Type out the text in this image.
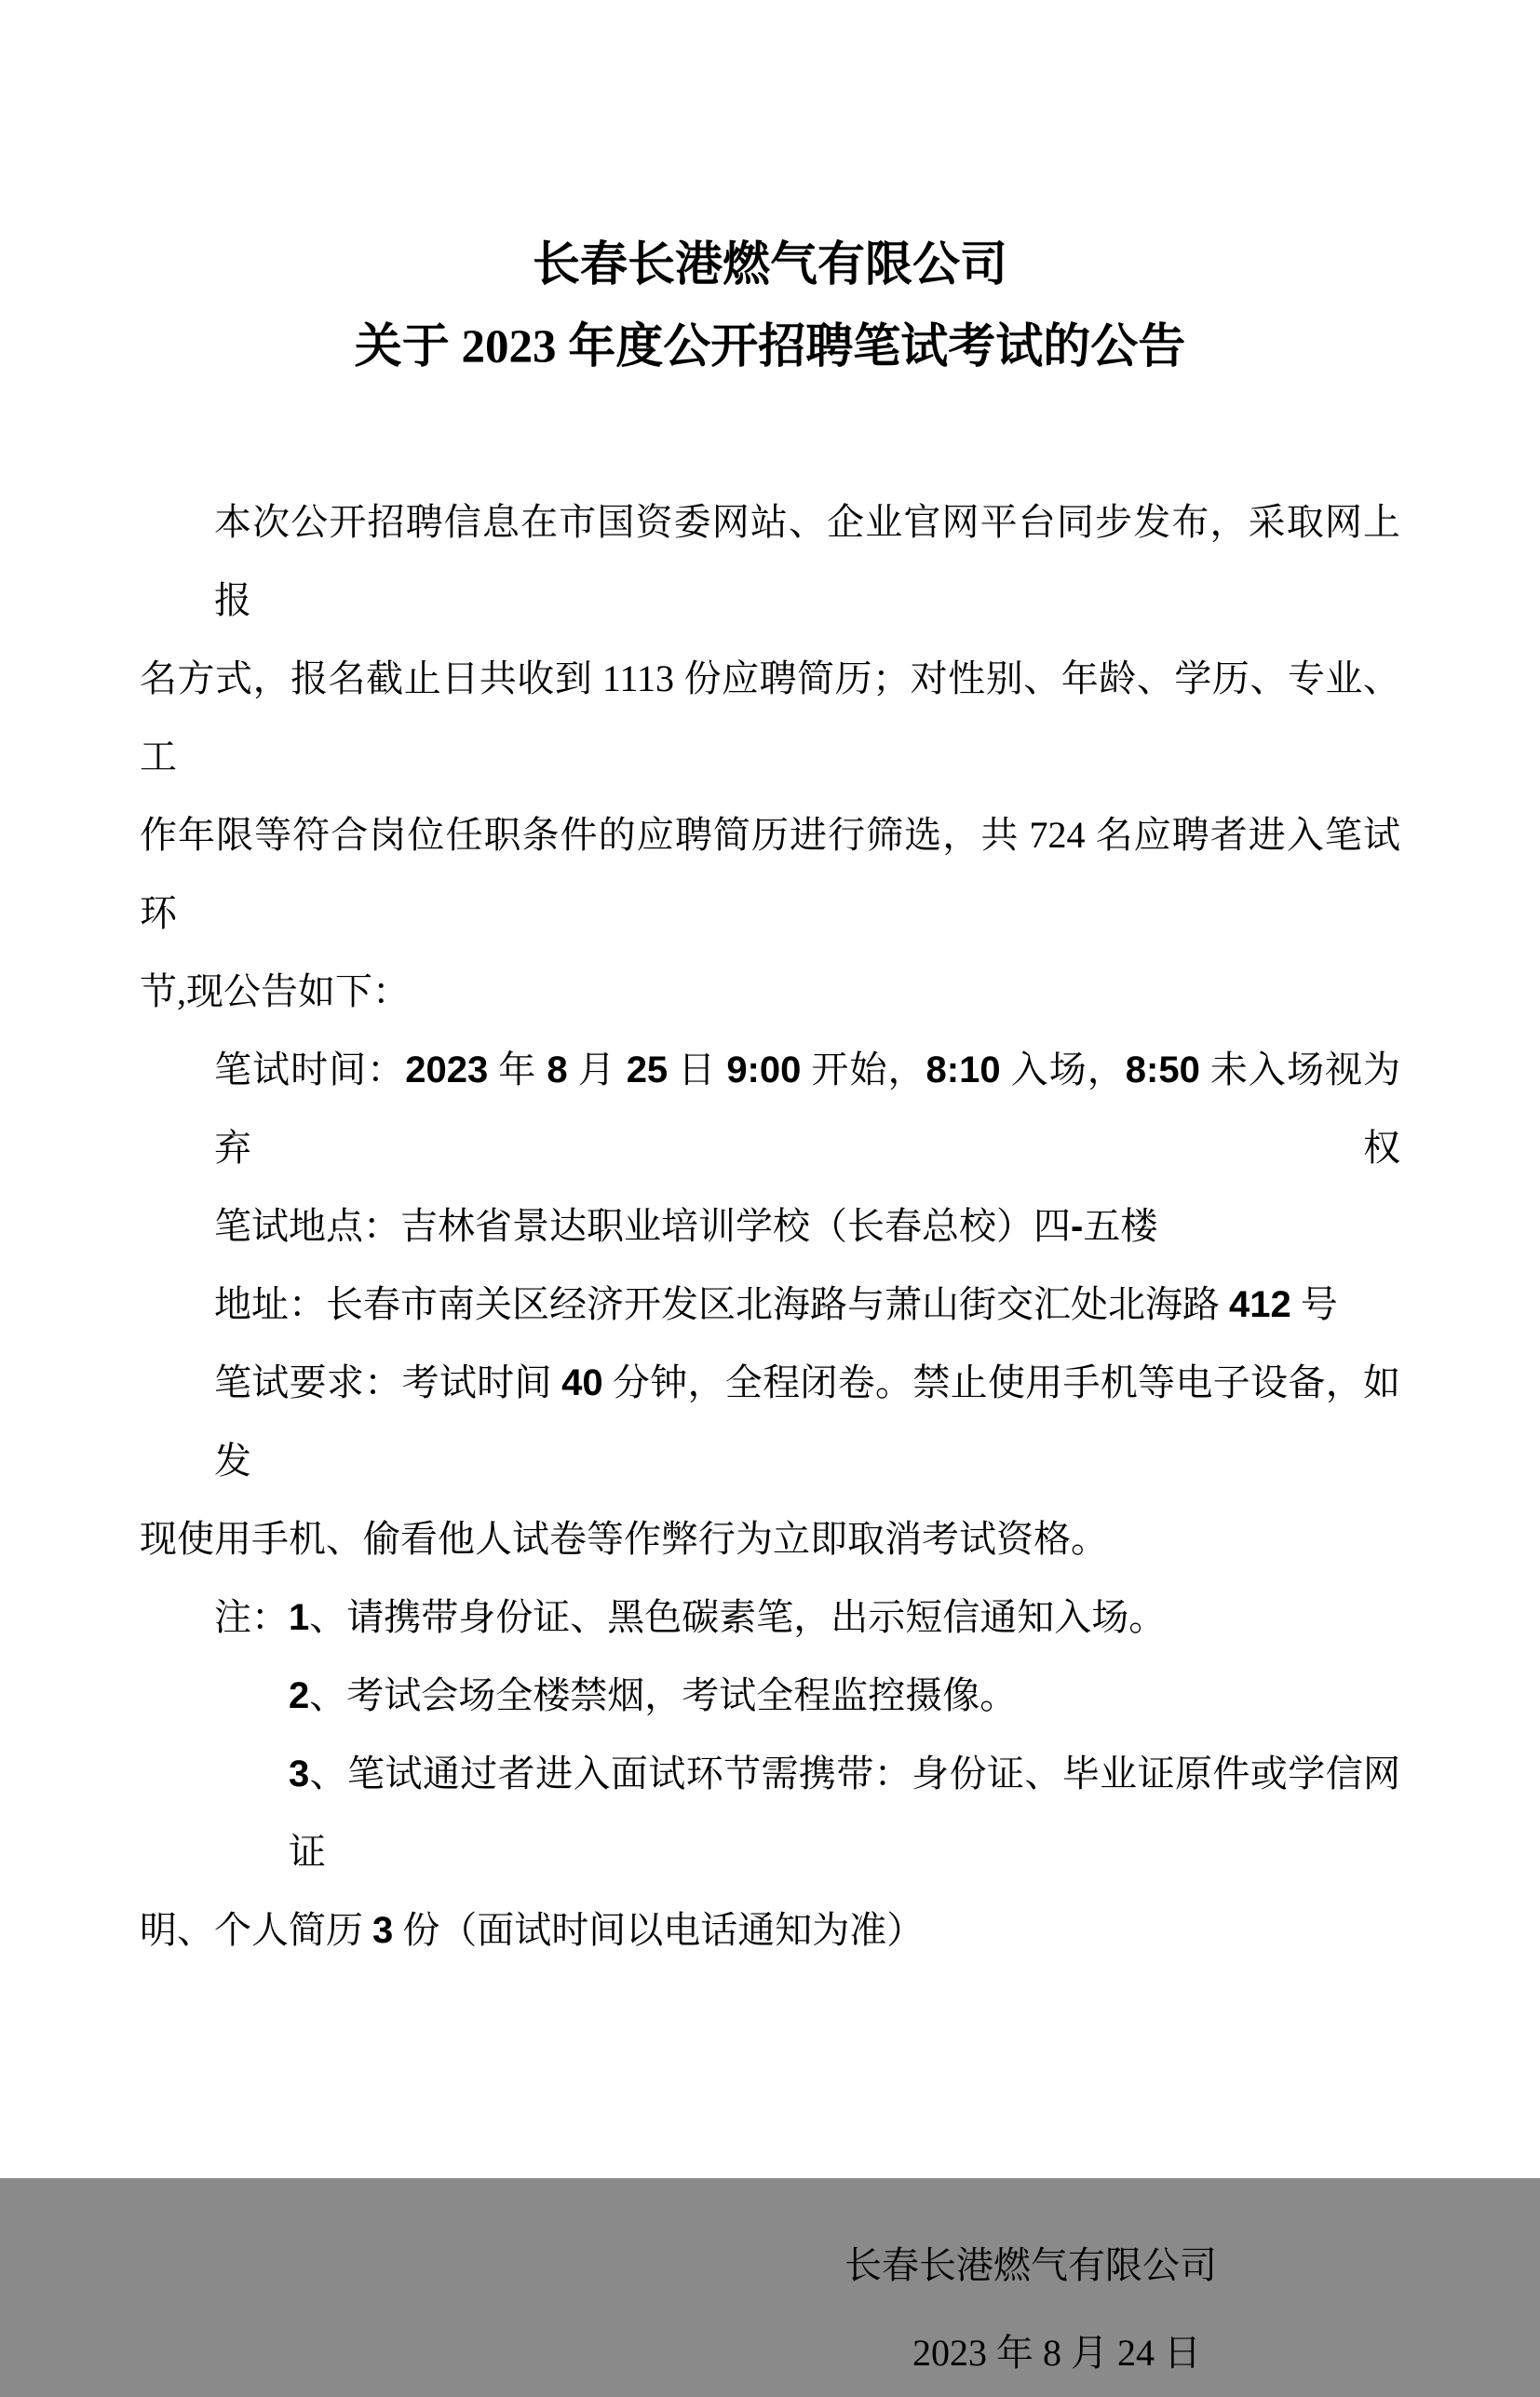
长春长港燃气有限公司
关于 2023 年度公开招聘笔试考试的公告
本次公开招聘信息在市国资委网站、企业官网平台同步发布，采取网上报
名方式，报名截止日共收到 1113 份应聘简历；对性别、年龄、学历、专业、工
作年限等符合岗位任职条件的应聘简历进行筛选，共 724 名应聘者进入笔试环
节,现公告如下：
笔试时间：2023 年 8 月 25 日 9:00 开始，8:10 入场，8:50 未入场视为弃权
笔试地点：吉林省景达职业培训学校（长春总校）四-五楼
地址：长春市南关区经济开发区北海路与萧山街交汇处北海路 412 号
笔试要求：考试时间 40 分钟，全程闭卷。禁止使用手机等电子设备，如发
现使用手机、偷看他人试卷等作弊行为立即取消考试资格。
注：1、请携带身份证、黑色碳素笔，出示短信通知入场。
2、考试会场全楼禁烟，考试全程监控摄像。
3、笔试通过者进入面试环节需携带：身份证、毕业证原件或学信网证
明、个人简历 3 份（面试时间以电话通知为准）
长春长港燃气有限公司
2023 年 8 月 24 日
